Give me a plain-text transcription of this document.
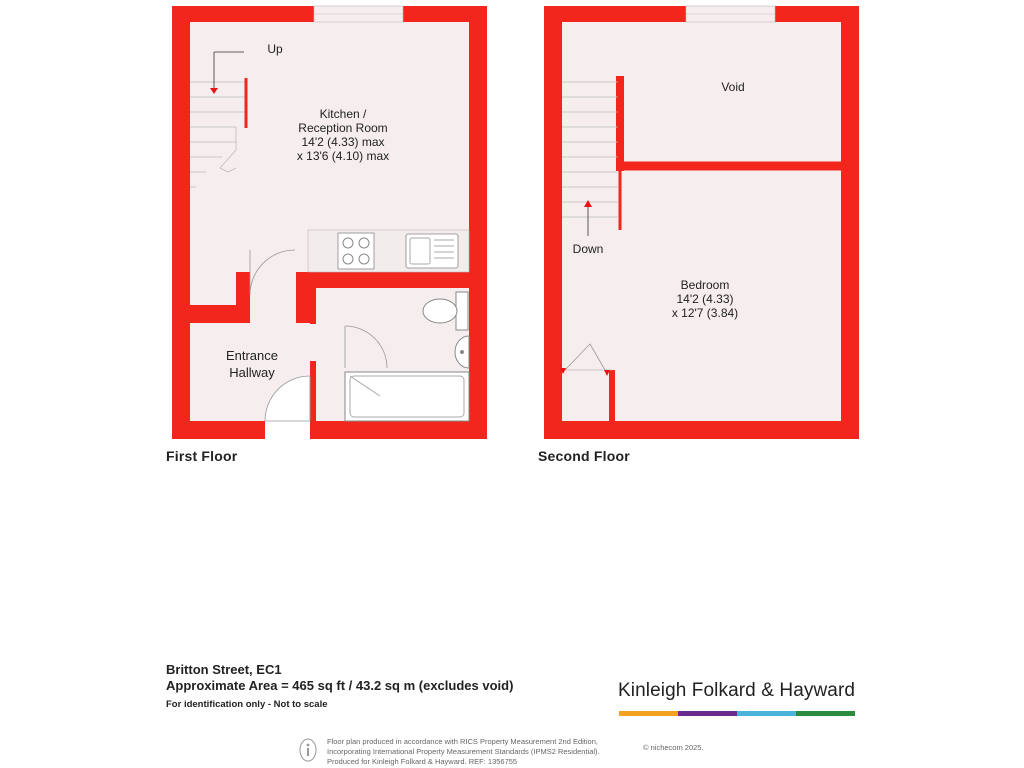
Up
Kitchen /
Reception Room
14'2 (4.33) max
x 13'6 (4.10) max
Entrance
Hallway
Void
Down
Bedroom
14'2 (4.33)
x 12'7 (3.84)
First Floor	Second Floor
Britton Street, EC1
Approximate Area = 465 sq ft / 43.2 sq m (excludes void)
For identification only - Not to scale
Kinleigh Folkard & Hayward
Floor plan produced in accordance with RICS Property Measurement 2nd Edition,
Incorporating International Property Measurement Standards (IPMS2 Residential).
Produced for Kinleigh Folkard & Hayward. REF: 1356755
© nichecom 2025.
